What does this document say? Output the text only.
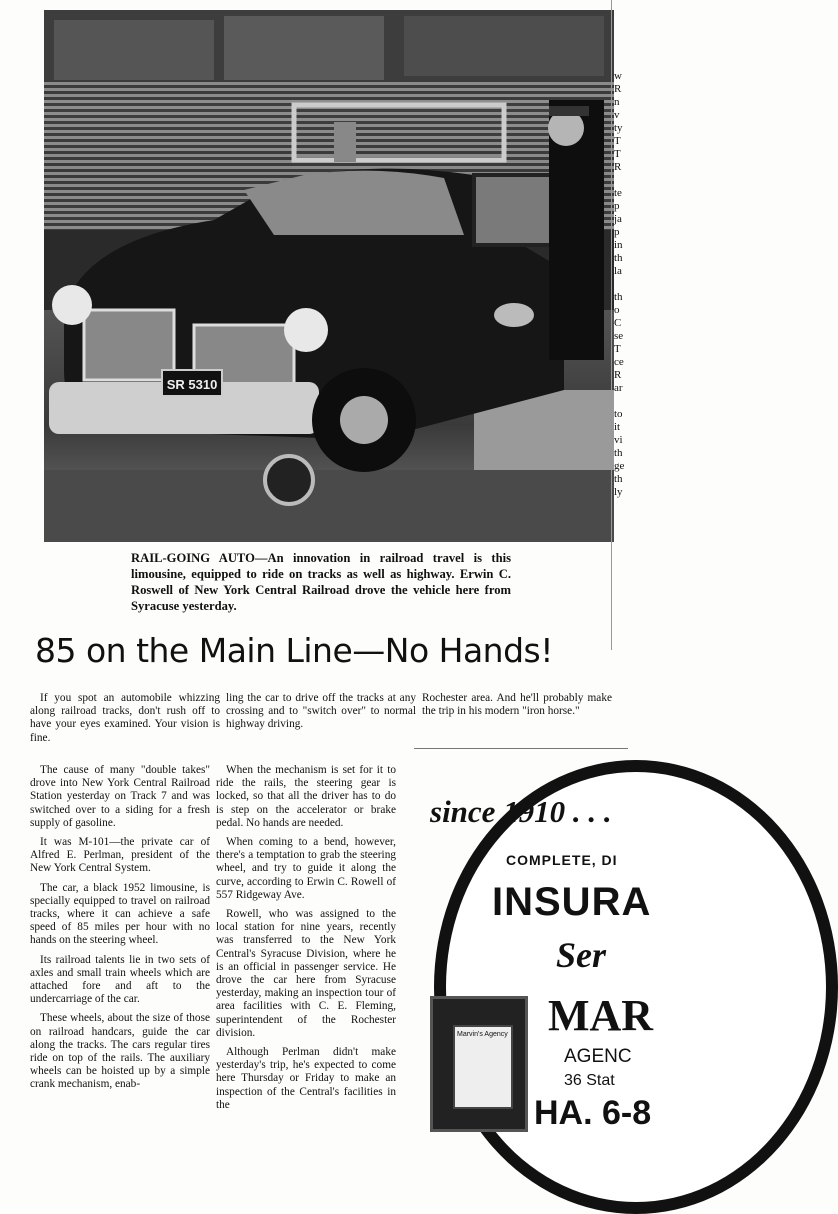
SR 5310
w
R
n
v
ty
T
T
R
te
p
ja
p
in
th
la
th
o
C
se
T
ce
R
ar
to
it
vi
th
ge
th
ly
RAIL-GOING AUTO—An innovation in railroad travel is this limousine, equipped to ride on tracks as well as highway. Erwin C. Roswell of New York Central Railroad drove the vehicle here from Syracuse yesterday.
85 on the Main Line—No Hands!
If you spot an automobile whizzing along railroad tracks, don't rush off to have your eyes examined. Your vision is fine.
ling the car to drive off the tracks at any crossing and to "switch over" to normal highway driving.
Rochester area. And he'll probably make the trip in his modern "iron horse."

The cause of many "double takes" drove into New York Central Railroad Station yesterday on Track 7 and was switched over to a siding for a fresh supply of gasoline.

It was M-101—the private car of Alfred E. Perlman, president of the New York Central System.

The car, a black 1952 limousine, is specially equipped to travel on railroad tracks, where it can achieve a safe speed of 85 miles per hour with no hands on the steering wheel.

Its railroad talents lie in two sets of axles and small train wheels which are attached fore and aft to the undercarriage of the car.

These wheels, about the size of those on railroad handcars, guide the car along the tracks. The cars regular tires ride on top of the rails. The auxiliary wheels can be hoisted up by a simple crank mechanism, enab-

When the mechanism is set for it to ride the rails, the steering gear is locked, so that all the driver has to do is step on the accelerator or brake pedal. No hands are needed.

When coming to a bend, however, there's a temptation to grab the steering wheel, and try to guide it along the curve, according to Erwin C. Rowell of 557 Ridgeway Ave.

Rowell, who was assigned to the local station for nine years, recently was transferred to the New York Central's Syracuse Division, where he is an official in passenger service. He drove the car here from Syracuse yesterday, making an inspection tour of area facilities with C. E. Fleming, superintendent of the Rochester division.

Although Perlman didn't make yesterday's trip, he's expected to come here Thursday or Friday to make an inspection of the Central's facilities in the

since 1910 . . .
COMPLETE, DI
INSURA
Ser
MAR
AGENC
36 Stat
HA. 6-8
Marvin's Agency
